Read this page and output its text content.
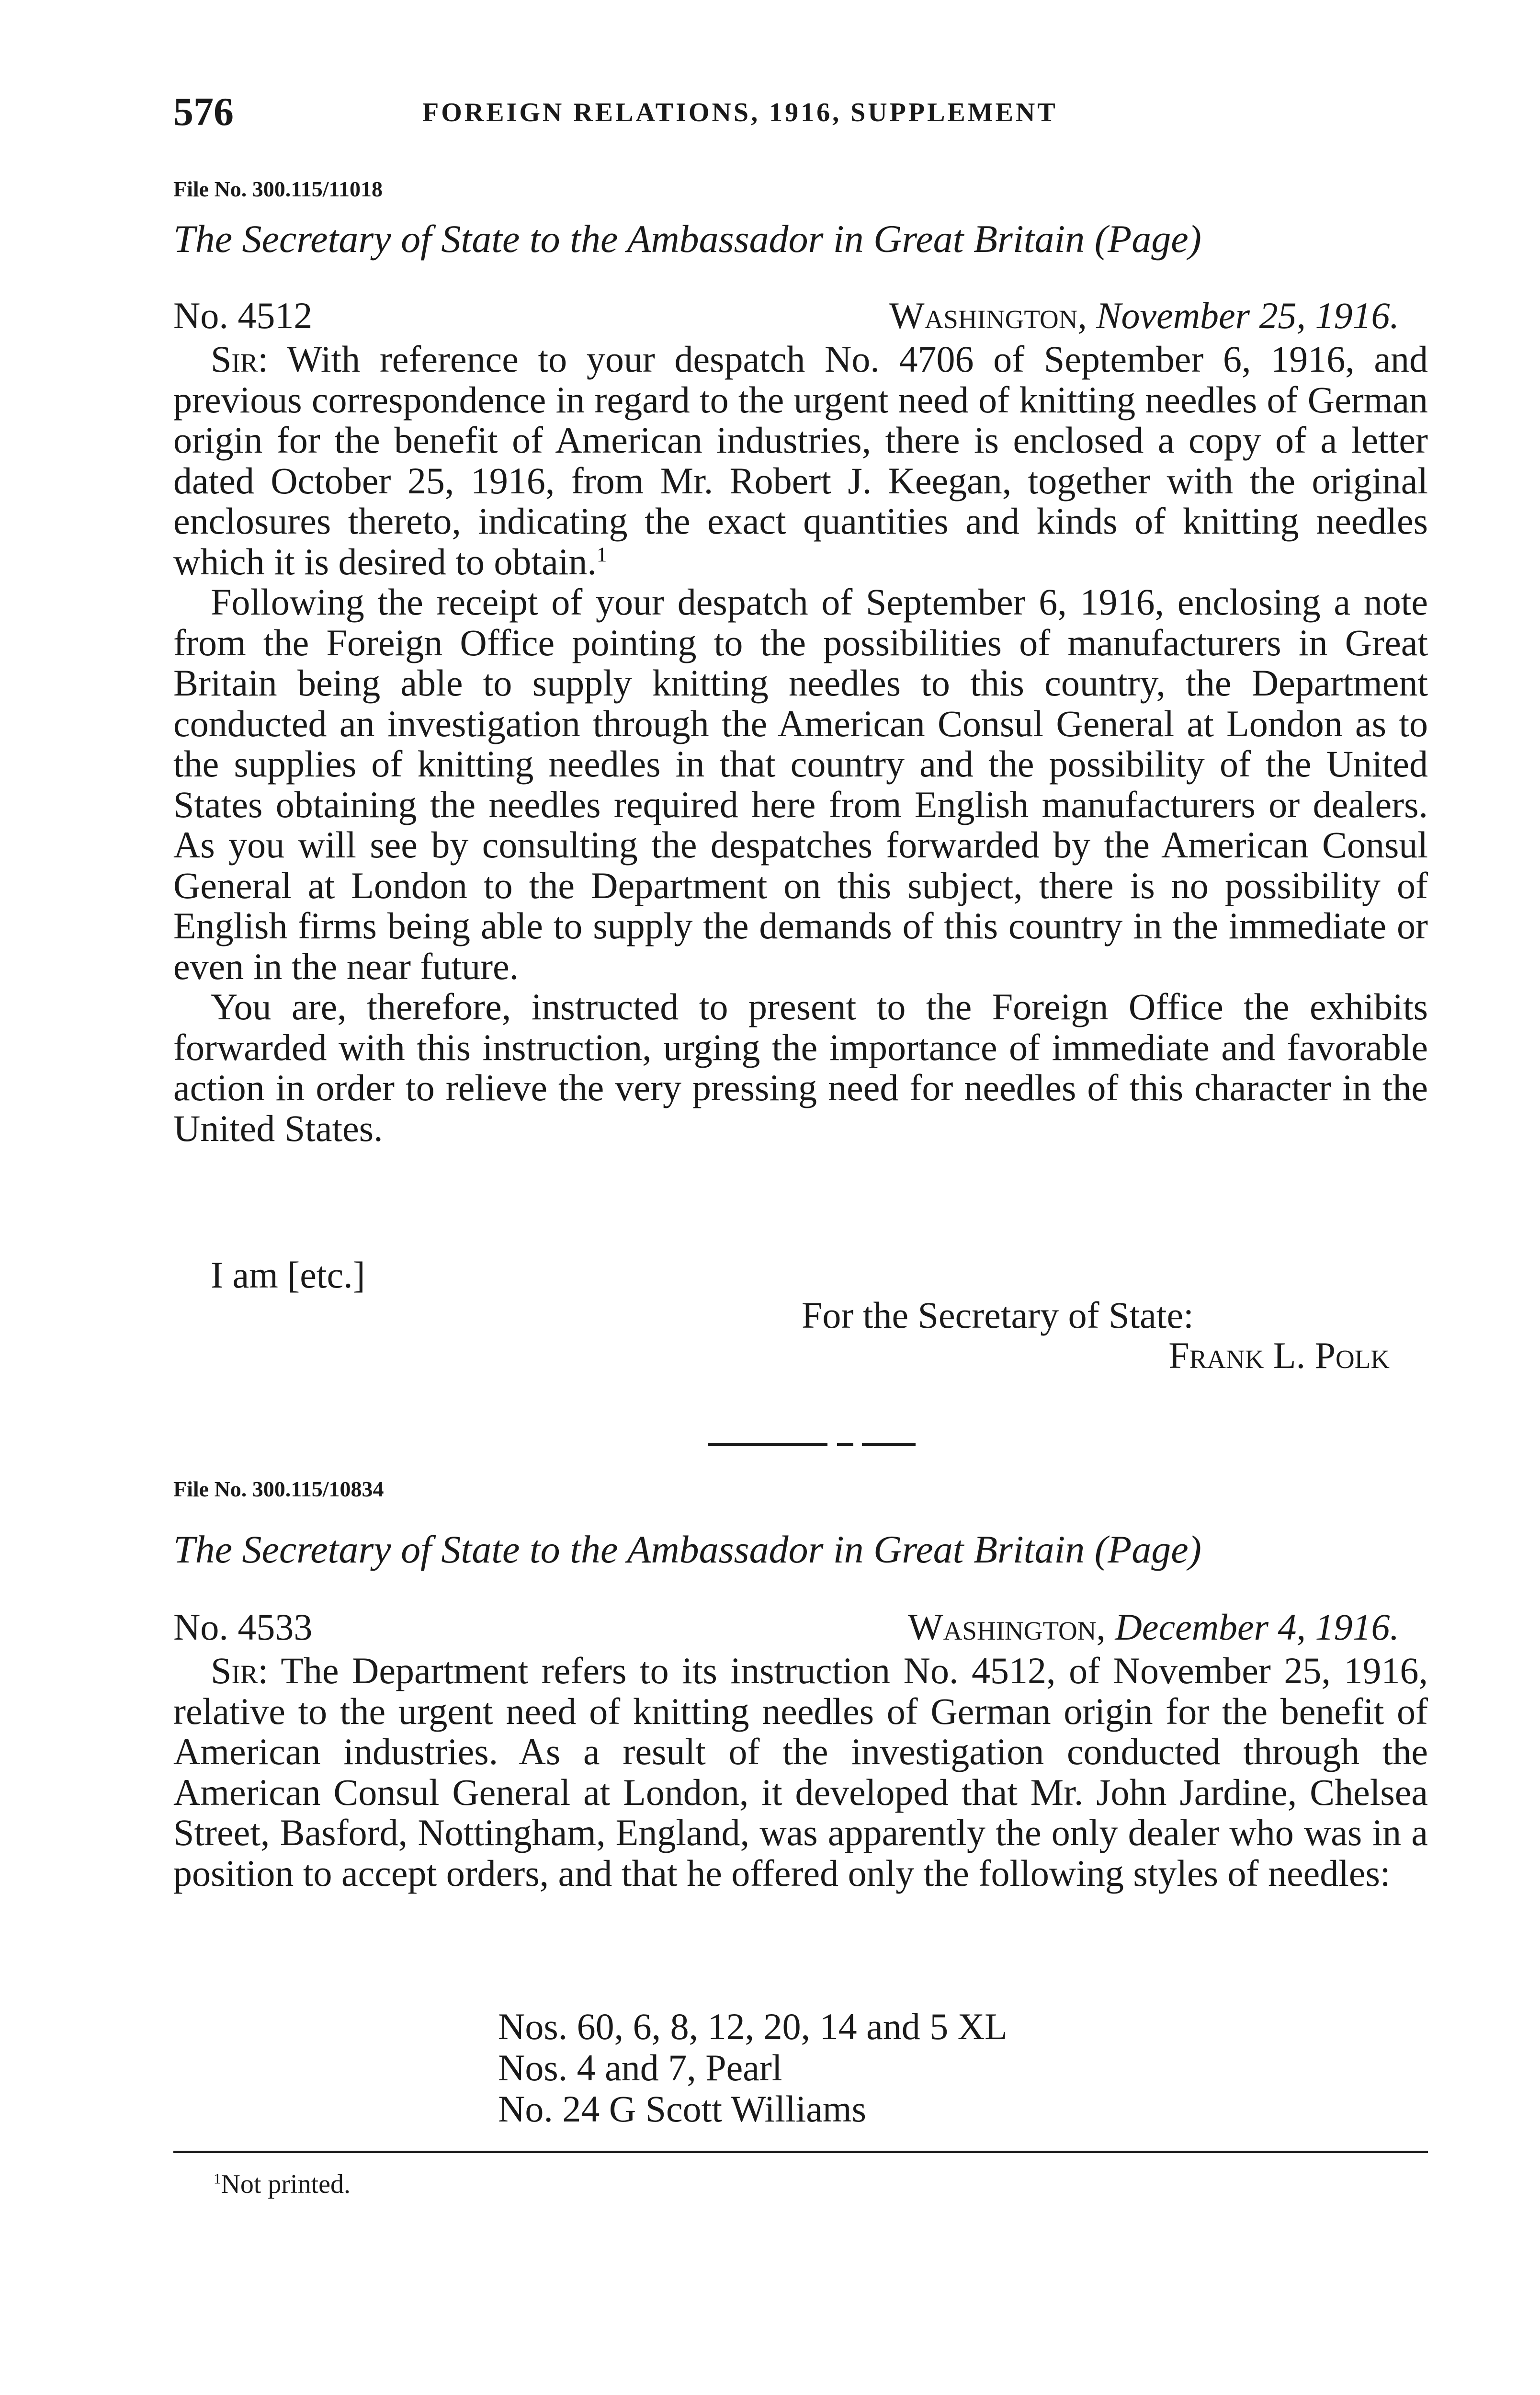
576	FOREIGN RELATIONS, 1916, SUPPLEMENT
File No. 300.115/11018
The Secretary of State to the Ambassador in Great Britain (Page)
No. 4512	Washington, November 25, 1916.

Sir: With reference to your despatch No. 4706 of September 6, 1916, and previous correspondence in regard to the urgent need of knitting needles of German origin for the benefit of American industries, there is enclosed a copy of a letter dated October 25, 1916, from Mr. Robert J. Keegan, together with the original enclosures thereto, indicating the exact quantities and kinds of knitting needles which it is desired to obtain.$^1$

Following the receipt of your despatch of September 6, 1916, enclosing a note from the Foreign Office pointing to the possibilities of manufacturers in Great Britain being able to supply knitting needles to this country, the Department conducted an investigation through the American Consul General at London as to the supplies of knitting needles in that country and the possibility of the United States obtaining the needles required here from English manufacturers or dealers. As you will see by consulting the despatches forwarded by the American Consul General at London to the Department on this subject, there is no possibility of English firms being able to supply the demands of this country in the immediate or even in the near future.

You are, therefore, instructed to present to the Foreign Office the exhibits forwarded with this instruction, urging the importance of immediate and favorable action in order to relieve the very pressing need for needles of this character in the United States.

I am [etc.]
For the Secretary of State:
Frank L. Polk
File No. 300.115/10834
The Secretary of State to the Ambassador in Great Britain (Page)
No. 4533	Washington, December 4, 1916.

Sir: The Department refers to its instruction No. 4512, of November 25, 1916, relative to the urgent need of knitting needles of German origin for the benefit of American industries. As a result of the investigation conducted through the American Consul General at London, it developed that Mr. John Jardine, Chelsea Street, Basford, Nottingham, England, was apparently the only dealer who was in a position to accept orders, and that he offered only the following styles of needles:

Nos. 60, 6, 8, 12, 20, 14 and 5 XL
Nos. 4 and 7, Pearl
No. 24 G Scott Williams
$^1$Not printed.
